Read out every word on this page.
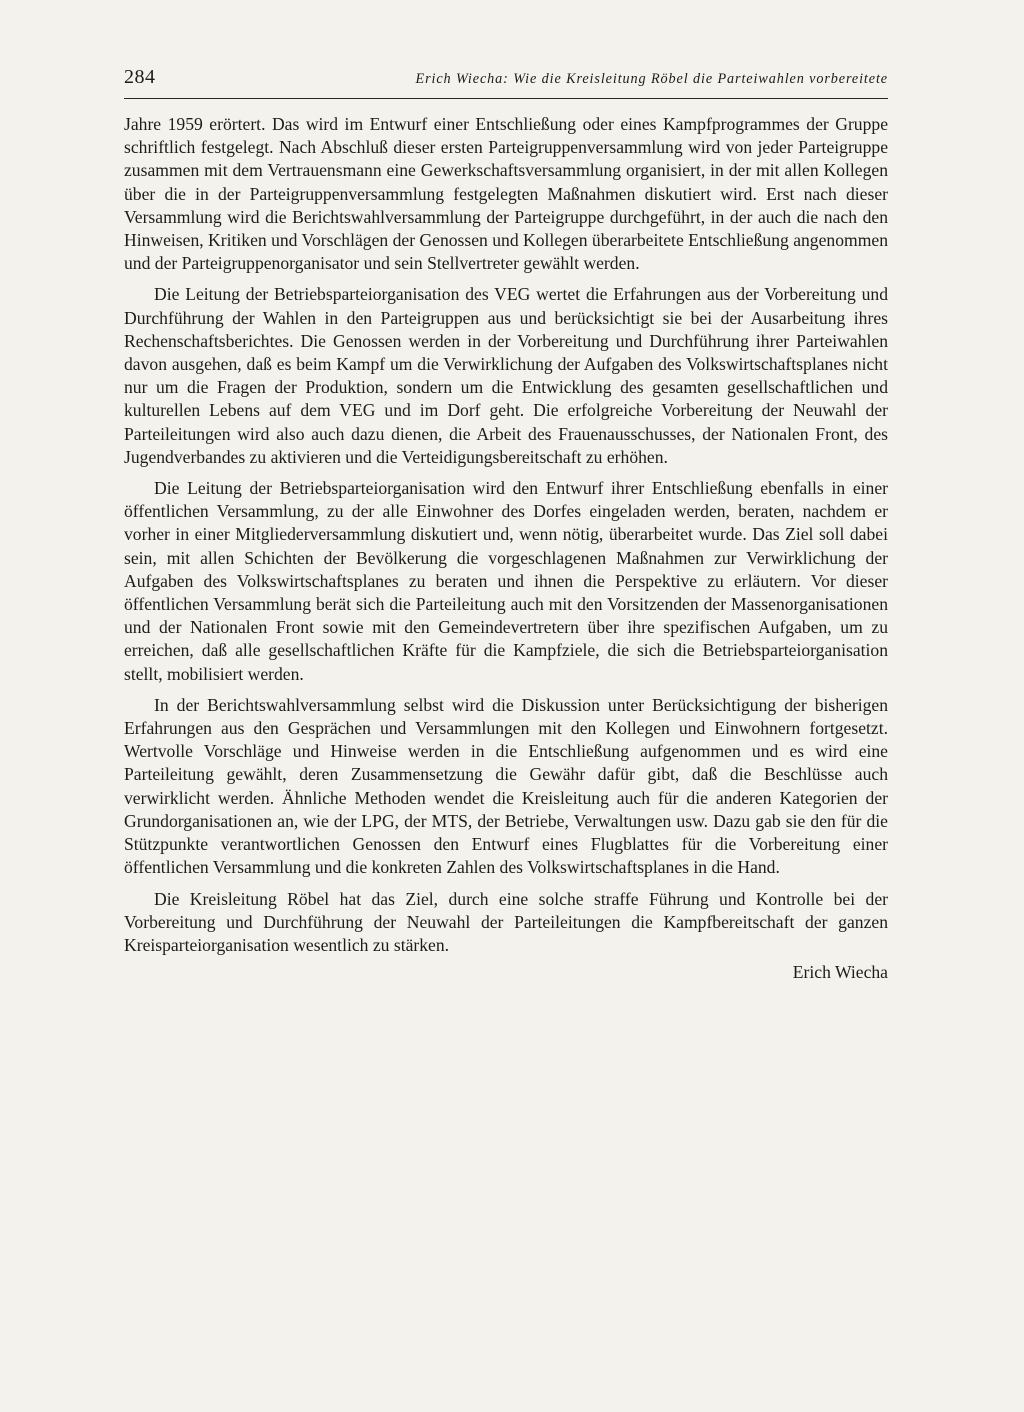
284	Erich Wiecha: Wie die Kreisleitung Röbel die Parteiwahlen vorbereitete

Jahre 1959 erörtert. Das wird im Entwurf einer Entschließung oder eines Kampfprogrammes der Gruppe schriftlich festgelegt. Nach Abschluß dieser ersten Parteigruppenversammlung wird von jeder Parteigruppe zusammen mit dem Vertrauensmann eine Gewerkschaftsversammlung organisiert, in der mit allen Kollegen über die in der Parteigruppenversammlung festgelegten Maßnahmen diskutiert wird. Erst nach dieser Versammlung wird die Berichtswahlversammlung der Parteigruppe durchgeführt, in der auch die nach den Hinweisen, Kritiken und Vorschlägen der Genossen und Kollegen überarbeitete Entschließung angenommen und der Parteigruppenorganisator und sein Stellvertreter gewählt werden.

Die Leitung der Betriebsparteiorganisation des VEG wertet die Erfahrungen aus der Vorbereitung und Durchführung der Wahlen in den Parteigruppen aus und berücksichtigt sie bei der Ausarbeitung ihres Rechenschaftsberichtes. Die Genossen werden in der Vorbereitung und Durchführung ihrer Parteiwahlen davon ausgehen, daß es beim Kampf um die Verwirklichung der Aufgaben des Volkswirtschaftsplanes nicht nur um die Fragen der Produktion, sondern um die Entwicklung des gesamten gesellschaftlichen und kulturellen Lebens auf dem VEG und im Dorf geht. Die erfolgreiche Vorbereitung der Neuwahl der Parteileitungen wird also auch dazu dienen, die Arbeit des Frauenausschusses, der Nationalen Front, des Jugendverbandes zu aktivieren und die Verteidigungsbereitschaft zu erhöhen.

Die Leitung der Betriebsparteiorganisation wird den Entwurf ihrer Entschließung ebenfalls in einer öffentlichen Versammlung, zu der alle Einwohner des Dorfes eingeladen werden, beraten, nachdem er vorher in einer Mitgliederversammlung diskutiert und, wenn nötig, überarbeitet wurde. Das Ziel soll dabei sein, mit allen Schichten der Bevölkerung die vorgeschlagenen Maßnahmen zur Verwirklichung der Aufgaben des Volkswirtschaftsplanes zu beraten und ihnen die Perspektive zu erläutern. Vor dieser öffentlichen Versammlung berät sich die Parteileitung auch mit den Vorsitzenden der Massenorganisationen und der Nationalen Front sowie mit den Gemeindevertretern über ihre spezifischen Aufgaben, um zu erreichen, daß alle gesellschaftlichen Kräfte für die Kampfziele, die sich die Betriebsparteiorganisation stellt, mobilisiert werden.

In der Berichtswahlversammlung selbst wird die Diskussion unter Berücksichtigung der bisherigen Erfahrungen aus den Gesprächen und Versammlungen mit den Kollegen und Einwohnern fortgesetzt. Wertvolle Vorschläge und Hinweise werden in die Entschließung aufgenommen und es wird eine Parteileitung gewählt, deren Zusammensetzung die Gewähr dafür gibt, daß die Beschlüsse auch verwirklicht werden. Ähnliche Methoden wendet die Kreisleitung auch für die anderen Kategorien der Grundorganisationen an, wie der LPG, der MTS, der Betriebe, Verwaltungen usw. Dazu gab sie den für die Stützpunkte verantwortlichen Genossen den Entwurf eines Flugblattes für die Vorbereitung einer öffentlichen Versammlung und die konkreten Zahlen des Volkswirtschaftsplanes in die Hand.

Die Kreisleitung Röbel hat das Ziel, durch eine solche straffe Führung und Kontrolle bei der Vorbereitung und Durchführung der Neuwahl der Parteileitungen die Kampfbereitschaft der ganzen Kreisparteiorganisation wesentlich zu stärken.

Erich Wiecha
